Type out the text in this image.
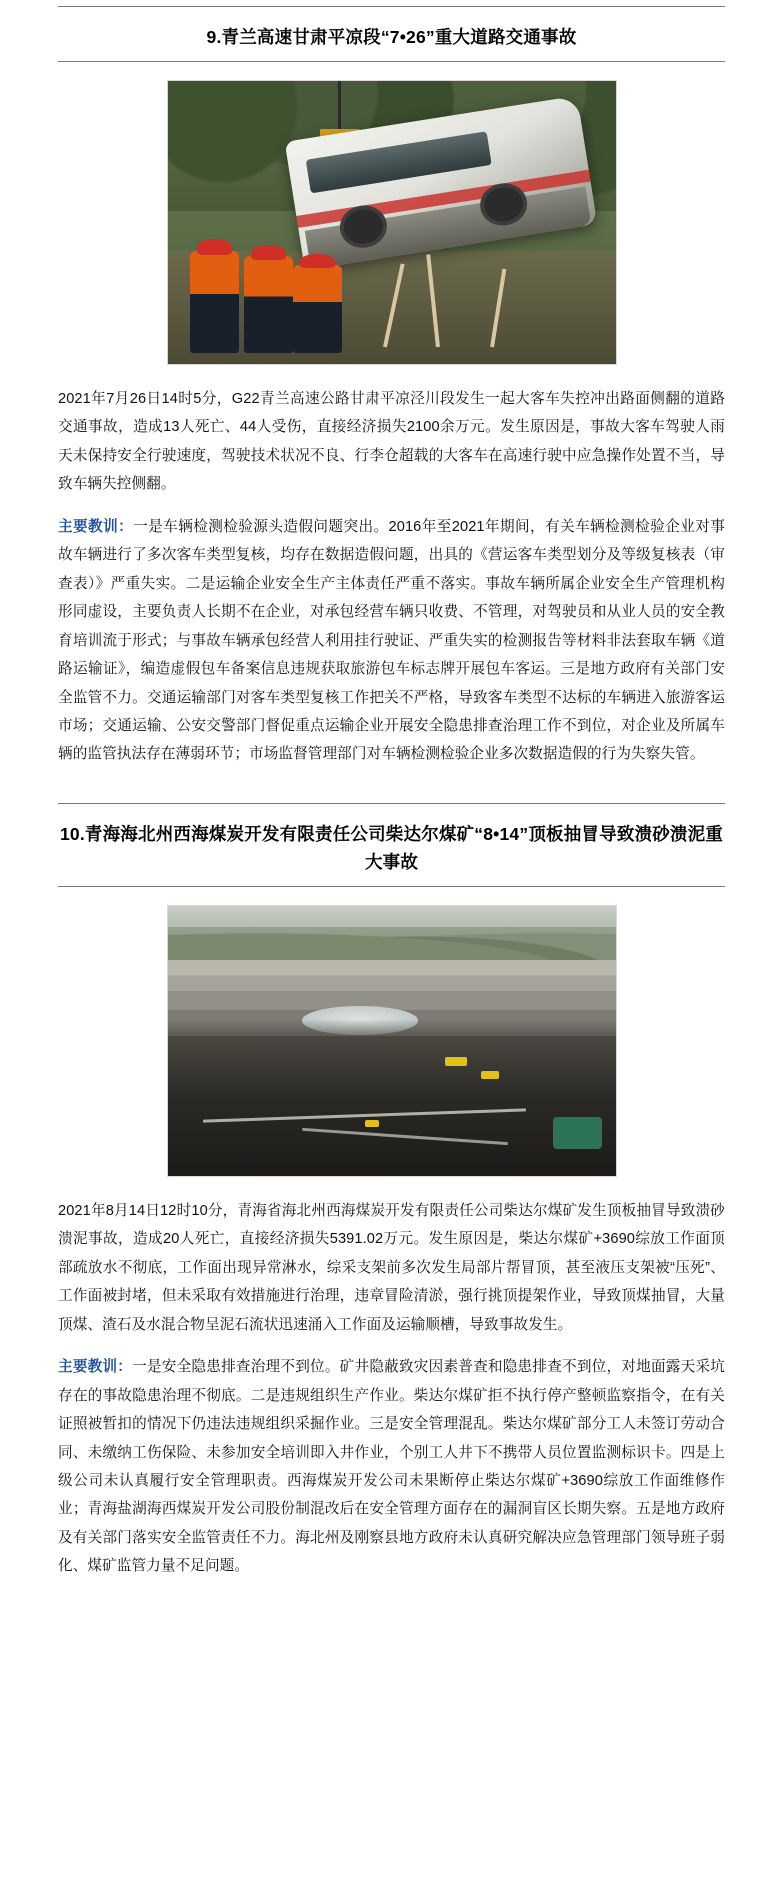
9.青兰高速甘肃平凉段“7•26”重大道路交通事故

2021年7月26日14时5分，G22青兰高速公路甘肃平凉泾川段发生一起大客车失控冲出路面侧翻的道路交通事故，造成13人死亡、44人受伤，直接经济损失2100余万元。发生原因是，事故大客车驾驶人雨天未保持安全行驶速度，驾驶技术状况不良、行李仓超载的大客车在高速行驶中应急操作处置不当，导致车辆失控侧翻。

主要教训：一是车辆检测检验源头造假问题突出。2016年至2021年期间，有关车辆检测检验企业对事故车辆进行了多次客车类型复核，均存在数据造假问题，出具的《营运客车类型划分及等级复核表（审查表）》严重失实。二是运输企业安全生产主体责任严重不落实。事故车辆所属企业安全生产管理机构形同虚设，主要负责人长期不在企业，对承包经营车辆只收费、不管理，对驾驶员和从业人员的安全教育培训流于形式；与事故车辆承包经营人利用挂行驶证、严重失实的检测报告等材料非法套取车辆《道路运输证》，编造虚假包车备案信息违规获取旅游包车标志牌开展包车客运。三是地方政府有关部门安全监管不力。交通运输部门对客车类型复核工作把关不严格，导致客车类型不达标的车辆进入旅游客运市场；交通运输、公安交警部门督促重点运输企业开展安全隐患排查治理工作不到位，对企业及所属车辆的监管执法存在薄弱环节；市场监督管理部门对车辆检测检验企业多次数据造假的行为失察失管。

10.青海海北州西海煤炭开发有限责任公司柴达尔煤矿“8•14”顶板抽冒导致溃砂溃泥重大事故

2021年8月14日12时10分，青海省海北州西海煤炭开发有限责任公司柴达尔煤矿发生顶板抽冒导致溃砂溃泥事故，造成20人死亡，直接经济损失5391.02万元。发生原因是，柴达尔煤矿+3690综放工作面顶部疏放水不彻底，工作面出现异常淋水，综采支架前多次发生局部片帮冒顶，甚至液压支架被“压死”、工作面被封堵，但未采取有效措施进行治理，违章冒险清淤，强行挑顶提架作业，导致顶煤抽冒，大量顶煤、渣石及水混合物呈泥石流状迅速涌入工作面及运输顺槽，导致事故发生。

主要教训：一是安全隐患排查治理不到位。矿井隐蔽致灾因素普查和隐患排查不到位，对地面露天采坑存在的事故隐患治理不彻底。二是违规组织生产作业。柴达尔煤矿拒不执行停产整顿监察指令，在有关证照被暂扣的情况下仍违法违规组织采掘作业。三是安全管理混乱。柴达尔煤矿部分工人未签订劳动合同、未缴纳工伤保险、未参加安全培训即入井作业，个别工人井下不携带人员位置监测标识卡。四是上级公司未认真履行安全管理职责。西海煤炭开发公司未果断停止柴达尔煤矿+3690综放工作面维修作业；青海盐湖海西煤炭开发公司股份制混改后在安全管理方面存在的漏洞盲区长期失察。五是地方政府及有关部门落实安全监管责任不力。海北州及刚察县地方政府未认真研究解决应急管理部门领导班子弱化、煤矿监管力量不足问题。
